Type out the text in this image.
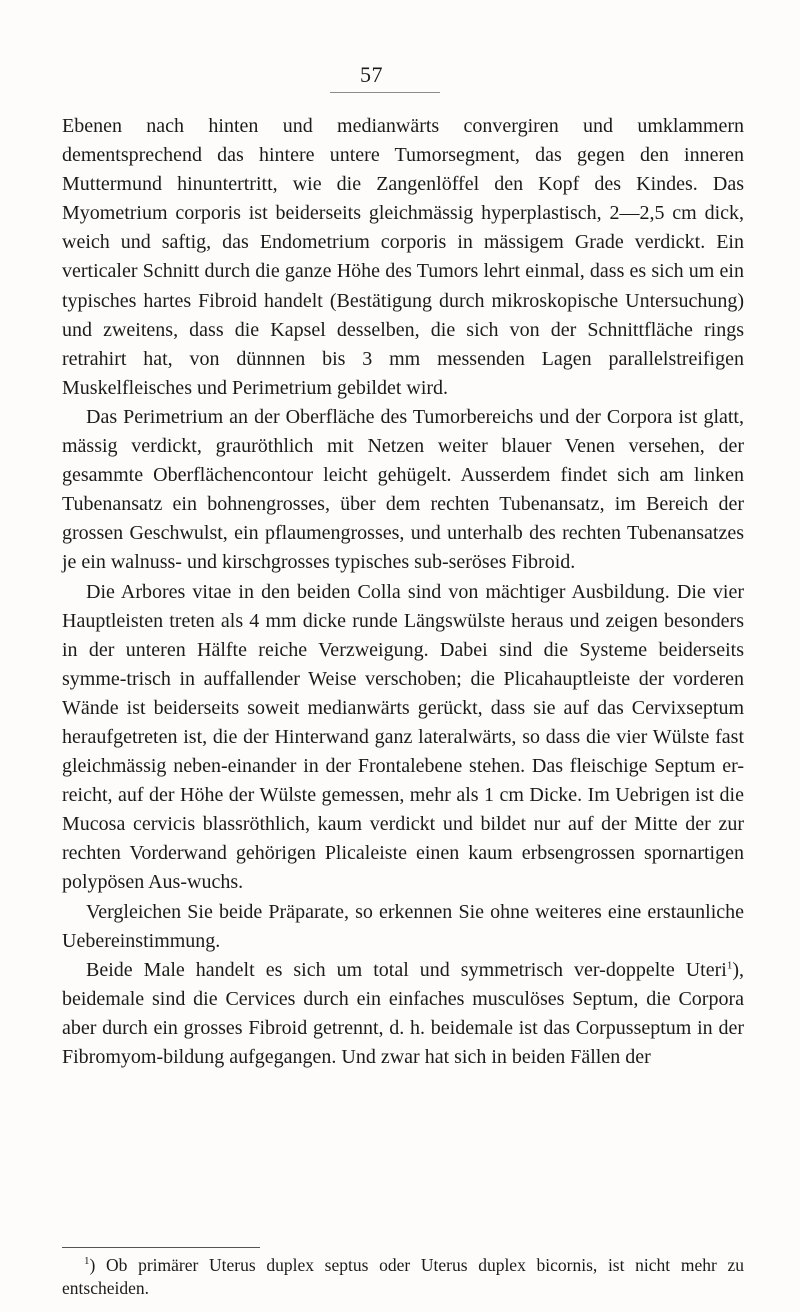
57

Ebenen nach hinten und medianwärts convergiren und umklammern dementsprechend das hintere untere Tumorsegment, das gegen den inneren Muttermund hinuntertritt, wie die Zangenlöffel den Kopf des Kindes. Das Myometrium corporis ist beiderseits gleichmässig hyperplastisch, 2—2,5 cm dick, weich und saftig, das Endometrium corporis in mässigem Grade verdickt. Ein verticaler Schnitt durch die ganze Höhe des Tumors lehrt einmal, dass es sich um ein typisches hartes Fibroid handelt (Bestätigung durch mikroskopische Untersuchung) und zweitens, dass die Kapsel desselben, die sich von der Schnittfläche rings retrahirt hat, von dünnnen bis 3 mm messenden Lagen parallelstreifigen Muskelfleisches und Perimetrium gebildet wird.

Das Perimetrium an der Oberfläche des Tumorbereichs und der Corpora ist glatt, mässig verdickt, grauröthlich mit Netzen weiter blauer Venen versehen, der gesammte Oberflächencontour leicht gehügelt. Ausserdem findet sich am linken Tubenansatz ein bohnengrosses, über dem rechten Tubenansatz, im Bereich der grossen Geschwulst, ein pflaumengrosses, und unterhalb des rechten Tubenansatzes je ein walnuss- und kirschgrosses typisches sub-seröses Fibroid.

Die Arbores vitae in den beiden Colla sind von mächtiger Ausbildung. Die vier Hauptleisten treten als 4 mm dicke runde Längswülste heraus und zeigen besonders in der unteren Hälfte reiche Verzweigung. Dabei sind die Systeme beiderseits symme-trisch in auffallender Weise verschoben; die Plicahauptleiste der vorderen Wände ist beiderseits soweit medianwärts gerückt, dass sie auf das Cervixseptum heraufgetreten ist, die der Hinterwand ganz lateralwärts, so dass die vier Wülste fast gleichmässig neben-einander in der Frontalebene stehen. Das fleischige Septum er-reicht, auf der Höhe der Wülste gemessen, mehr als 1 cm Dicke. Im Uebrigen ist die Mucosa cervicis blassröthlich, kaum verdickt und bildet nur auf der Mitte der zur rechten Vorderwand gehörigen Plicaleiste einen kaum erbsengrossen spornartigen polypösen Aus-wuchs.

Vergleichen Sie beide Präparate, so erkennen Sie ohne weiteres eine erstaunliche Uebereinstimmung.

Beide Male handelt es sich um total und symmetrisch ver-doppelte Uteri$^1$), beidemale sind die Cervices durch ein einfaches musculöses Septum, die Corpora aber durch ein grosses Fibroid getrennt, d. h. beidemale ist das Corpusseptum in der Fibromyom-bildung aufgegangen. Und zwar hat sich in beiden Fällen der

$^1$) Ob primärer Uterus duplex septus oder Uterus duplex bicornis, ist nicht mehr zu entscheiden.
